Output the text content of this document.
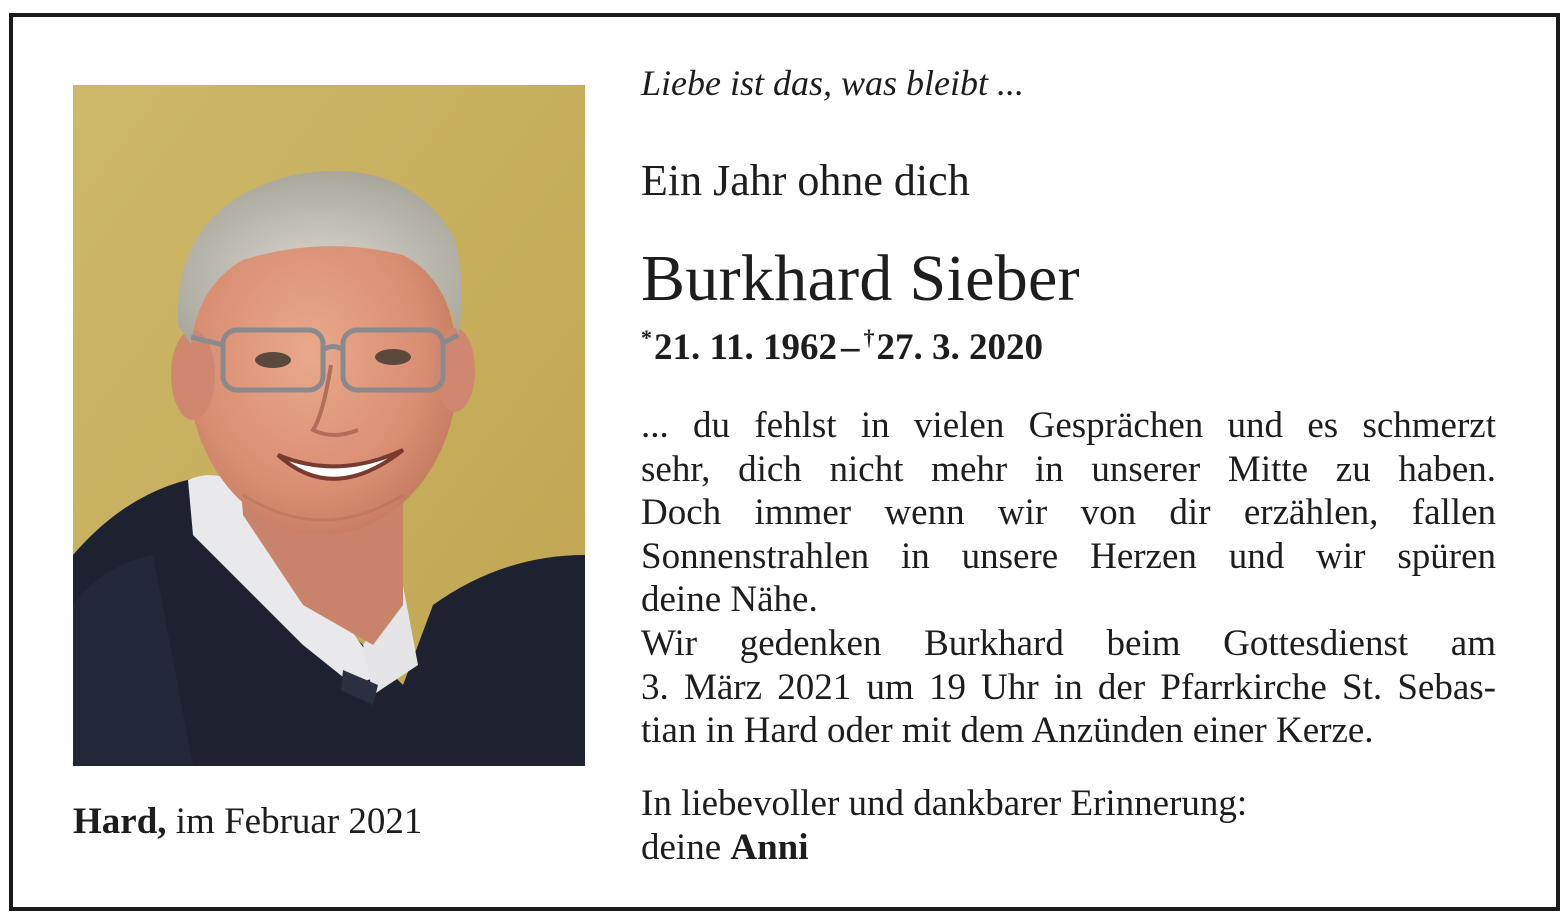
Hard, im Februar 2021
Liebe ist das, was bleibt ...
Ein Jahr ohne dich
Burkhard Sieber
*21. 11. 1962 – †27. 3. 2020
... du fehlst in vielen Gesprächen und es schmerzt
sehr, dich nicht mehr in unserer Mitte zu haben.
Doch immer wenn wir von dir erzählen, fallen
Sonnenstrahlen in unsere Herzen und wir spüren
deine Nähe.
Wir gedenken Burkhard beim Gottesdienst am
3. März 2021 um 19 Uhr in der Pfarrkirche St. Sebas-
tian in Hard oder mit dem Anzünden einer Kerze.
In liebevoller und dankbarer Erinnerung:
deine Anni
